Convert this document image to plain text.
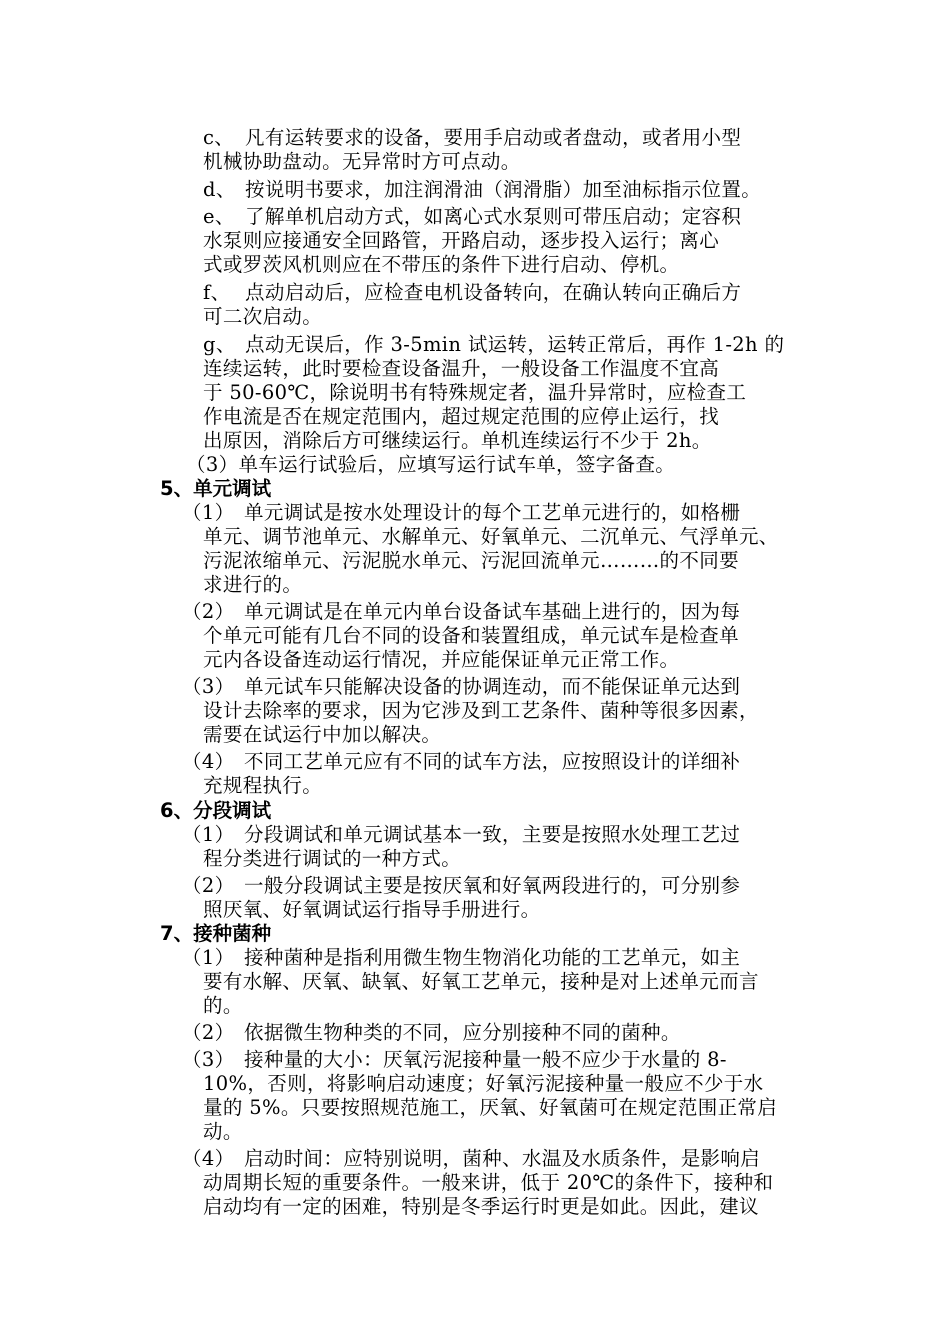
c、 凡有运转要求的设备，要用手启动或者盘动，或者用小型
机械协助盘动。无异常时方可点动。
d、 按说明书要求，加注润滑油（润滑脂）加至油标指示位置。
e、 了解单机启动方式，如离心式水泵则可带压启动；定容积
水泵则应接通安全回路管，开路启动，逐步投入运行；离心
式或罗茨风机则应在不带压的条件下进行启动、停机。
f、 点动启动后，应检查电机设备转向，在确认转向正确后方
可二次启动。
g、 点动无误后，作 3-5min 试运转，运转正常后，再作 1-2h 的
连续运转，此时要检查设备温升，一般设备工作温度不宜高
于 50-60℃，除说明书有特殊规定者，温升异常时，应检查工
作电流是否在规定范围内，超过规定范围的应停止运行，找
出原因，消除后方可继续运行。单机连续运行不少于 2h。
（3）单车运行试验后，应填写运行试车单，签字备查。
5、单元调试
（1） 单元调试是按水处理设计的每个工艺单元进行的，如格栅
单元、调节池单元、水解单元、好氧单元、二沉单元、气浮单元、
污泥浓缩单元、污泥脱水单元、污泥回流单元………的不同要
求进行的。
（2） 单元调试是在单元内单台设备试车基础上进行的，因为每
个单元可能有几台不同的设备和装置组成，单元试车是检查单
元内各设备连动运行情况，并应能保证单元正常工作。
（3） 单元试车只能解决设备的协调连动，而不能保证单元达到
设计去除率的要求，因为它涉及到工艺条件、菌种等很多因素，
需要在试运行中加以解决。
（4） 不同工艺单元应有不同的试车方法，应按照设计的详细补
充规程执行。
6、分段调试
（1） 分段调试和单元调试基本一致，主要是按照水处理工艺过
程分类进行调试的一种方式。
（2） 一般分段调试主要是按厌氧和好氧两段进行的，可分别参
照厌氧、好氧调试运行指导手册进行。
7、接种菌种
（1） 接种菌种是指利用微生物生物消化功能的工艺单元，如主
要有水解、厌氧、缺氧、好氧工艺单元，接种是对上述单元而言
的。
（2） 依据微生物种类的不同，应分别接种不同的菌种。
（3） 接种量的大小：厌氧污泥接种量一般不应少于水量的 8-
10%，否则，将影响启动速度；好氧污泥接种量一般应不少于水
量的 5%。只要按照规范施工，厌氧、好氧菌可在规定范围正常启
动。
（4） 启动时间：应特别说明，菌种、水温及水质条件，是影响启
动周期长短的重要条件。一般来讲，低于 20℃的条件下，接种和
启动均有一定的困难，特别是冬季运行时更是如此。因此，建议
